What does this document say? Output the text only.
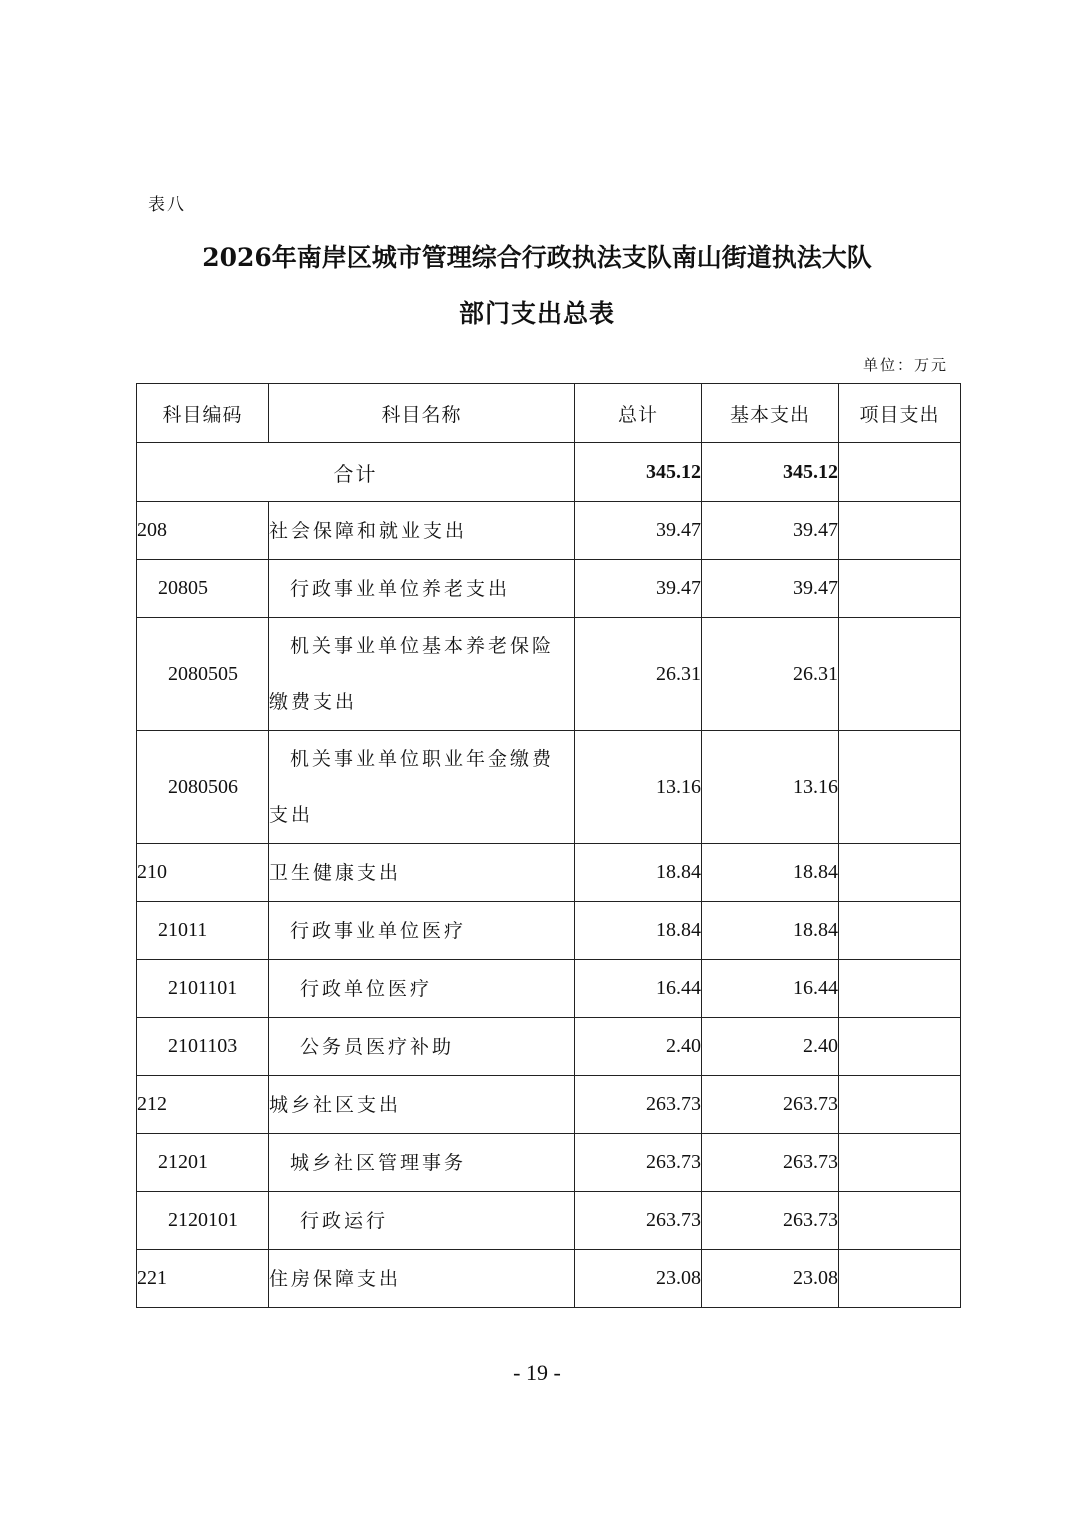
表八
2026年南岸区城市管理综合行政执法支队南山街道执法大队
部门支出总表
单位：万元
科目编码	科目名称	总计	基本支出	项目支出
合计		345.12	345.12	
208	社会保障和就业支出	39.47	39.47	
20805	行政事业单位养老支出	39.47	39.47	
2080505	机关事业单位基本养老保险缴费支出	26.31	26.31	
2080506	机关事业单位职业年金缴费支出	13.16	13.16	
210	卫生健康支出	18.84	18.84	
21011	行政事业单位医疗	18.84	18.84	
2101101	行政单位医疗	16.44	16.44	
2101103	公务员医疗补助	2.40	2.40	
212	城乡社区支出	263.73	263.73	
21201	城乡社区管理事务	263.73	263.73	
2120101	行政运行	263.73	263.73	
221	住房保障支出	23.08	23.08	
- 19 -
